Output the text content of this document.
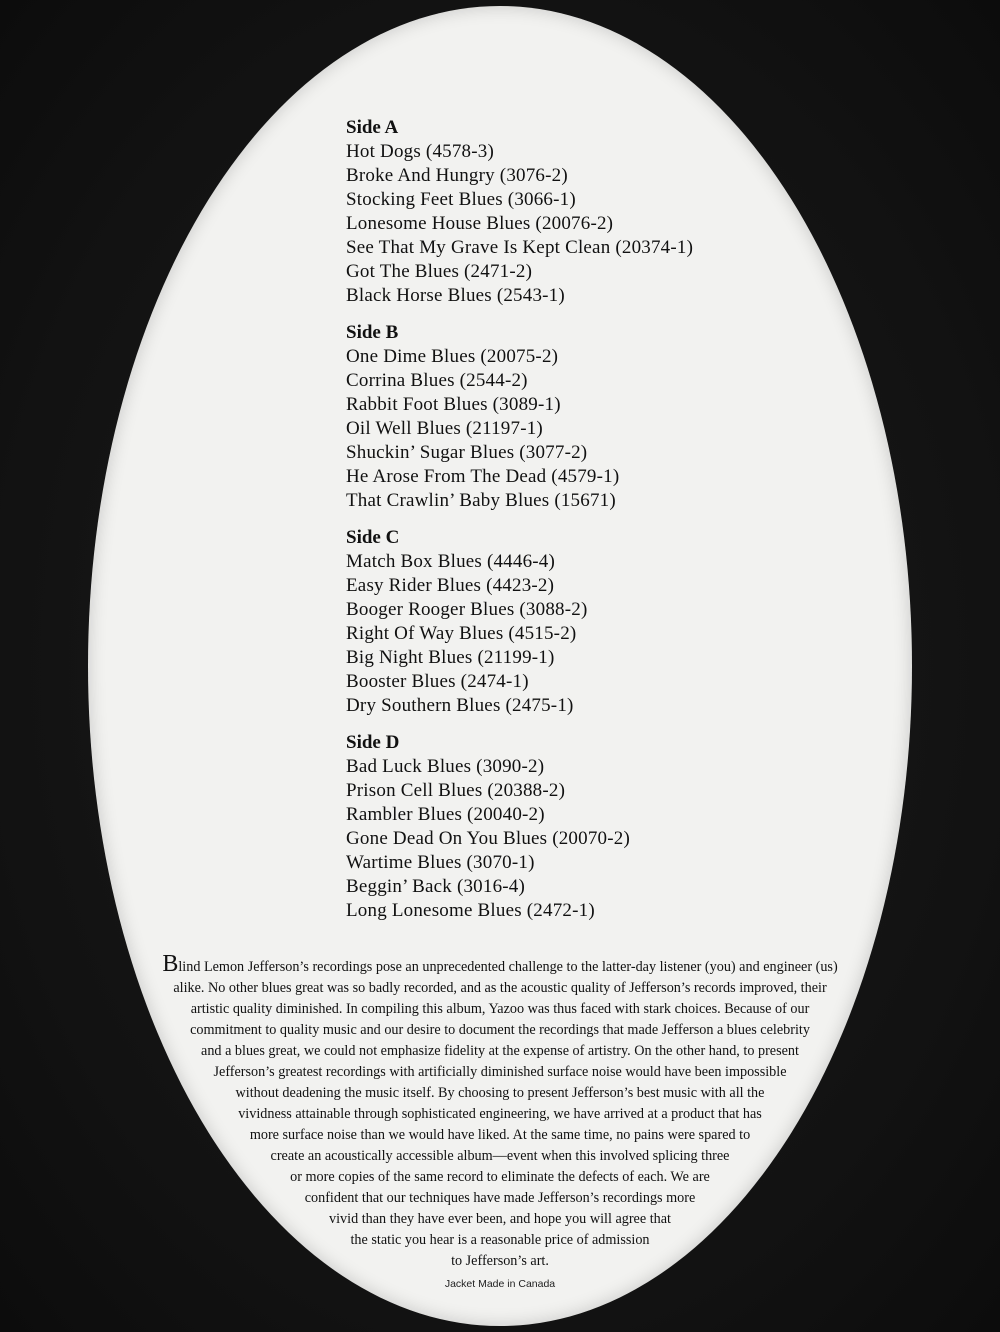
Side A
Hot Dogs (4578-3)
Broke And Hungry (3076-2)
Stocking Feet Blues (3066-1)
Lonesome House Blues (20076-2)
See That My Grave Is Kept Clean (20374-1)
Got The Blues (2471-2)
Black Horse Blues (2543-1)
Side B
One Dime Blues (20075-2)
Corrina Blues (2544-2)
Rabbit Foot Blues (3089-1)
Oil Well Blues (21197-1)
Shuckin’ Sugar Blues (3077-2)
He Arose From The Dead (4579-1)
That Crawlin’ Baby Blues (15671)
Side C
Match Box Blues (4446-4)
Easy Rider Blues (4423-2)
Booger Rooger Blues (3088-2)
Right Of Way Blues (4515-2)
Big Night Blues (21199-1)
Booster Blues (2474-1)
Dry Southern Blues (2475-1)
Side D
Bad Luck Blues (3090-2)
Prison Cell Blues (20388-2)
Rambler Blues (20040-2)
Gone Dead On You Blues (20070-2)
Wartime Blues (3070-1)
Beggin’ Back (3016-4)
Long Lonesome Blues (2472-1)
Blind Lemon Jefferson’s recordings pose an unprecedented challenge to the latter-day listener (you) and engineer (us)
alike. No other blues great was so badly recorded, and as the acoustic quality of Jefferson’s records improved, their
artistic quality diminished. In compiling this album, Yazoo was thus faced with stark choices. Because of our
commitment to quality music and our desire to document the recordings that made Jefferson a blues celebrity
and a blues great, we could not emphasize fidelity at the expense of artistry. On the other hand, to present
Jefferson’s greatest recordings with artificially diminished surface noise would have been impossible
without deadening the music itself. By choosing to present Jefferson’s best music with all the
vividness attainable through sophisticated engineering, we have arrived at a product that has
more surface noise than we would have liked. At the same time, no pains were spared to
create an acoustically accessible album—event when this involved splicing three
or more copies of the same record to eliminate the defects of each. We are
confident that our techniques have made Jefferson’s recordings more
vivid than they have ever been, and hope you will agree that
the static you hear is a reasonable price of admission
to Jefferson’s art.
Jacket Made in Canada
